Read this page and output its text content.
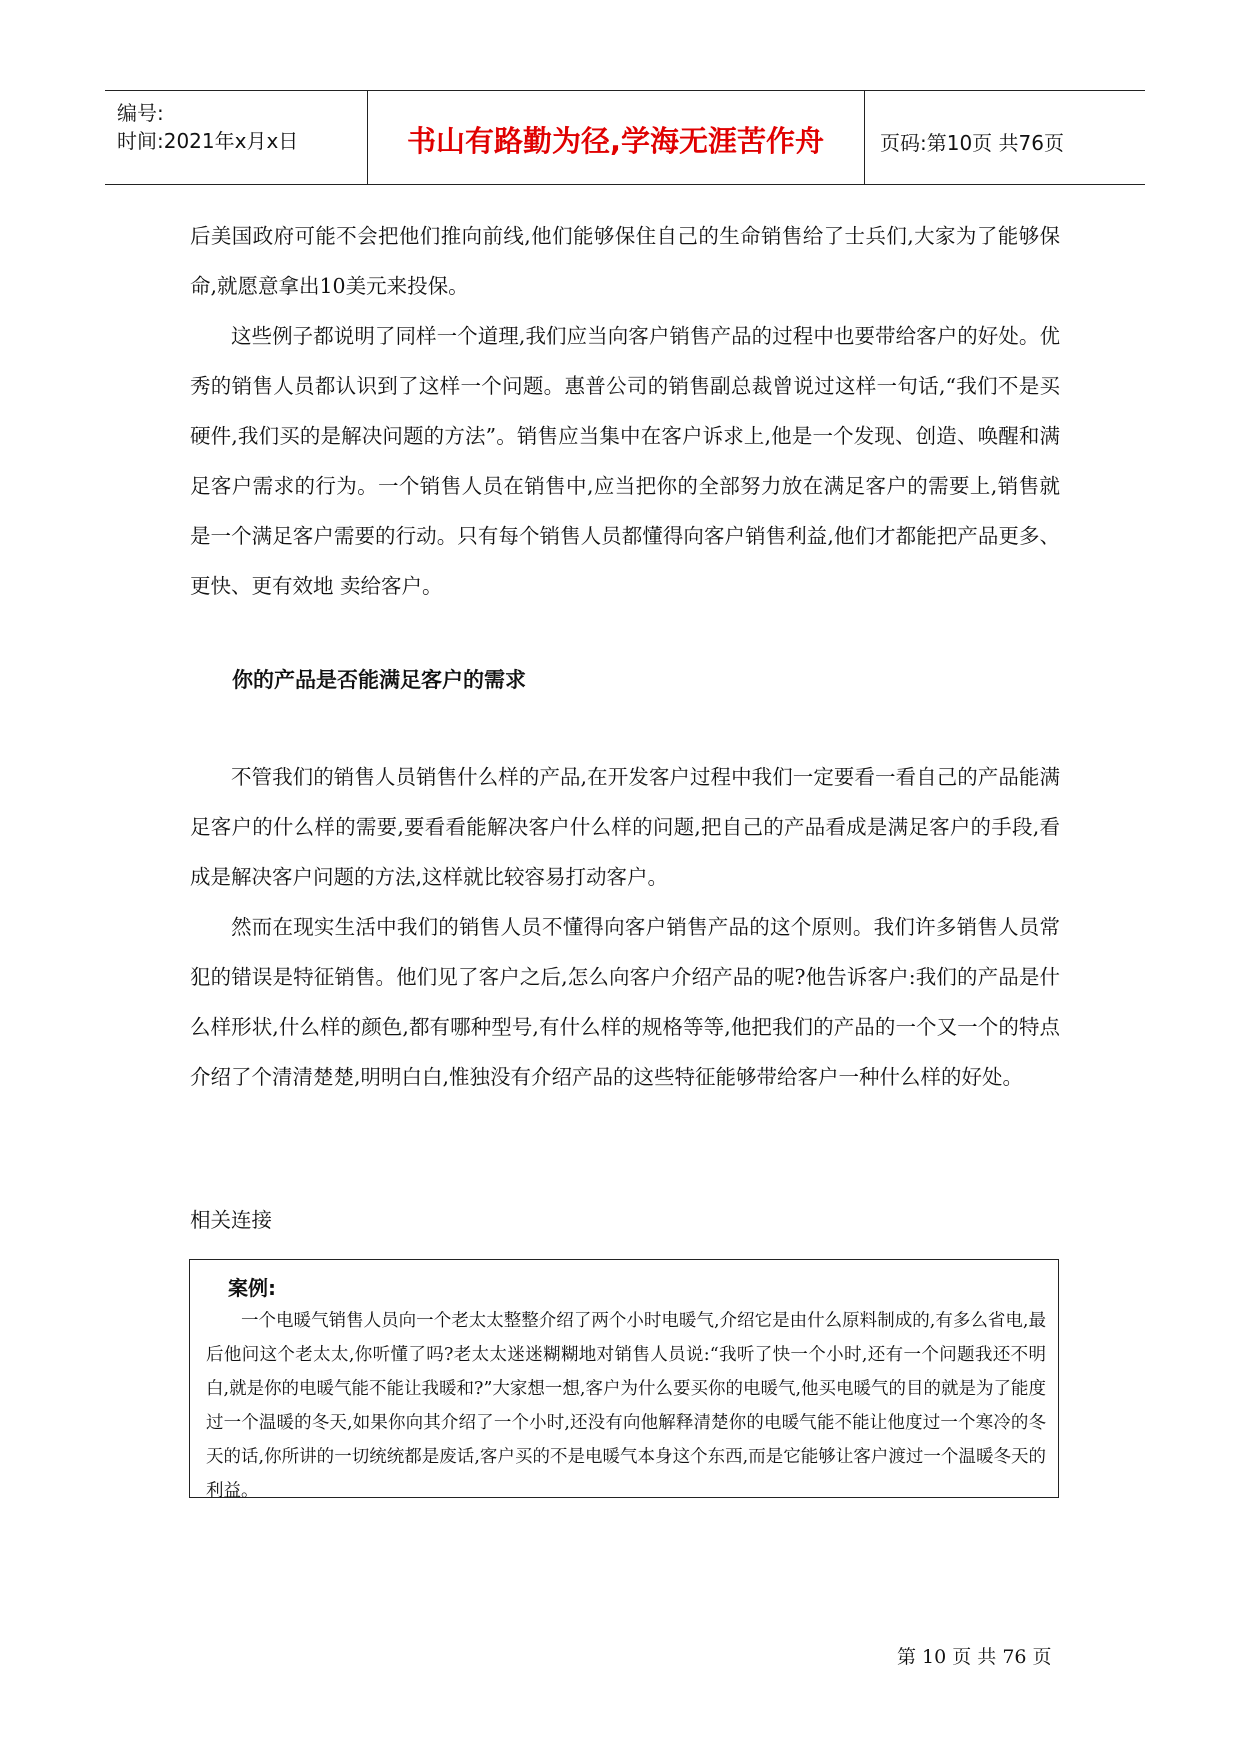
编号:
时间:2021年x月x日	书山有路勤为径,学海无涯苦作舟	页码:第10页 共76页

后美国政府可能不会把他们推向前线,他们能够保住自己的生命销售给了士兵们,大家为了能够保命,就愿意拿出10美元来投保。

这些例子都说明了同样一个道理,我们应当向客户销售产品的过程中也要带给客户的好处。优秀的销售人员都认识到了这样一个问题。惠普公司的销售副总裁曾说过这样一句话,“我们不是买硬件,我们买的是解决问题的方法”。销售应当集中在客户诉求上,他是一个发现、创造、唤醒和满足客户需求的行为。一个销售人员在销售中,应当把你的全部努力放在满足客户的需要上,销售就是一个满足客户需要的行动。只有每个销售人员都懂得向客户销售利益,他们才都能把产品更多、更快、更有效地 卖给客户。

你的产品是否能满足客户的需求

不管我们的销售人员销售什么样的产品,在开发客户过程中我们一定要看一看自己的产品能满足客户的什么样的需要,要看看能解决客户什么样的问题,把自己的产品看成是满足客户的手段,看成是解决客户问题的方法,这样就比较容易打动客户。

然而在现实生活中我们的销售人员不懂得向客户销售产品的这个原则。我们许多销售人员常犯的错误是特征销售。他们见了客户之后,怎么向客户介绍产品的呢?他告诉客户:我们的产品是什么样形状,什么样的颜色,都有哪种型号,有什么样的规格等等,他把我们的产品的一个又一个的特点介绍了个清清楚楚,明明白白,惟独没有介绍产品的这些特征能够带给客户一种什么样的好处。

相关连接
案例:

一个电暖气销售人员向一个老太太整整介绍了两个小时电暖气,介绍它是由什么原料制成的,有多么省电,最后他问这个老太太,你听懂了吗?老太太迷迷糊糊地对销售人员说:“我听了快一个小时,还有一个问题我还不明白,就是你的电暖气能不能让我暖和?”大家想一想,客户为什么要买你的电暖气,他买电暖气的目的就是为了能度过一个温暖的冬天,如果你向其介绍了一个小时,还没有向他解释清楚你的电暖气能不能让他度过一个寒冷的冬天的话,你所讲的一切统统都是废话,客户买的不是电暖气本身这个东西,而是它能够让客户渡过一个温暖冬天的利益。

第 10 页 共 76 页
